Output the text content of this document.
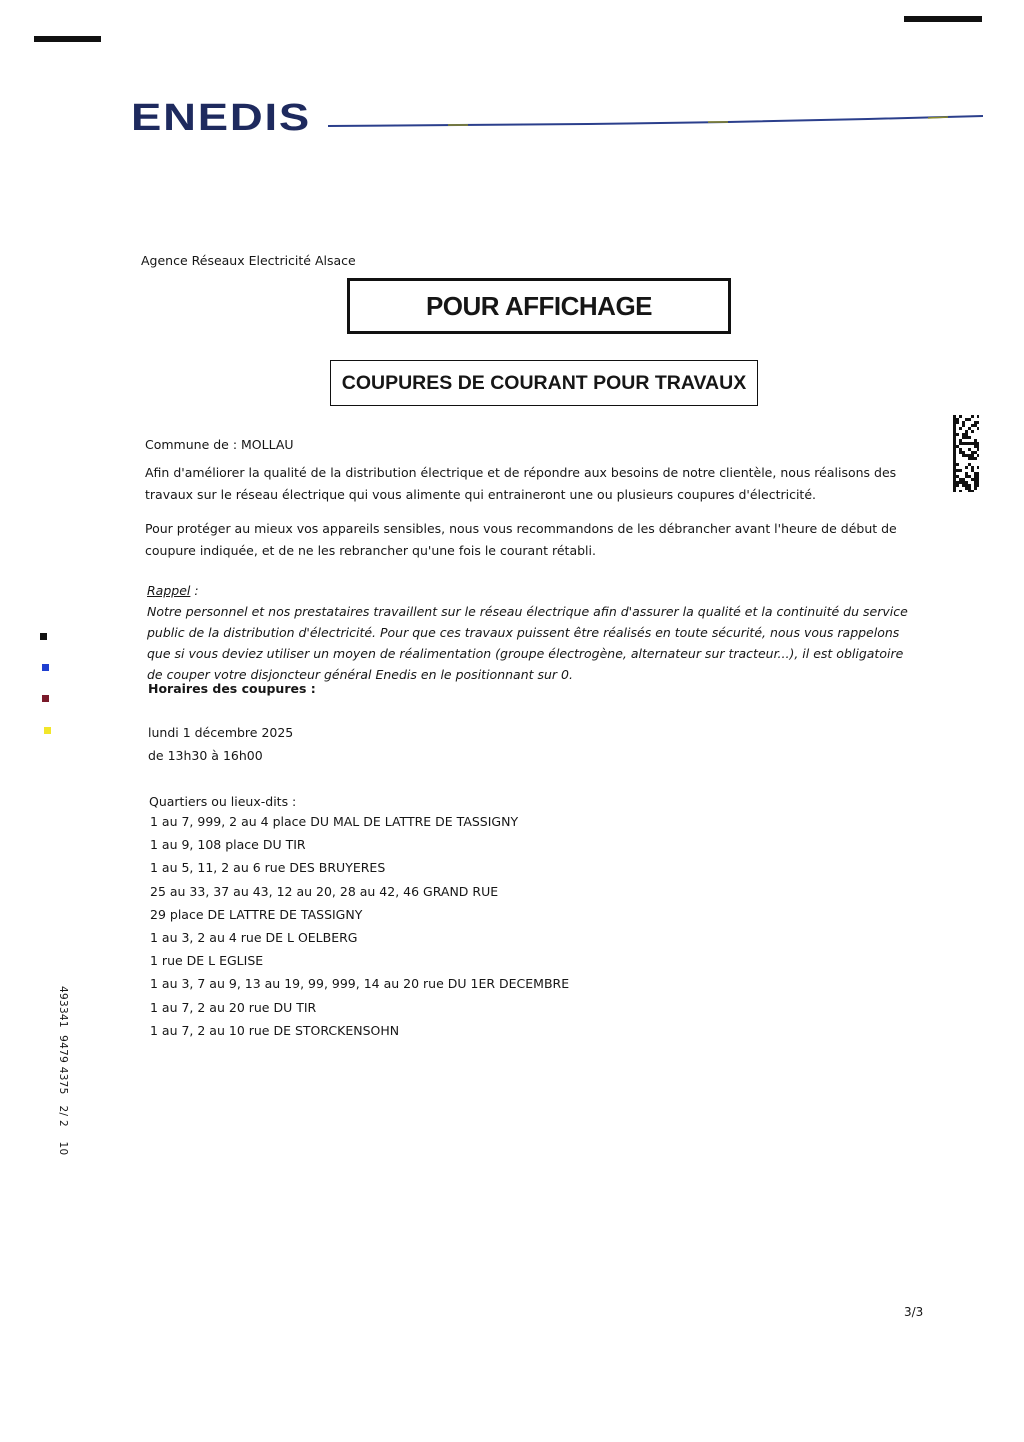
ENEDIS
Agence Réseaux Electricité Alsace
POUR AFFICHAGE
COUPURES DE COURANT POUR TRAVAUX
Commune de : MOLLAU
Afin d'améliorer la qualité de la distribution électrique et de répondre aux besoins de notre clientèle, nous réalisons des travaux sur le réseau électrique qui vous alimente qui entraineront une ou plusieurs coupures d'électricité.
Pour protéger au mieux vos appareils sensibles, nous vous recommandons de les débrancher avant l'heure de début de coupure indiquée, et de ne les rebrancher qu'une fois le courant rétabli.
Rappel :
Notre personnel et nos prestataires travaillent sur le réseau électrique afin d'assurer la qualité et la continuité du service public de la distribution d'électricité. Pour que ces travaux puissent être réalisés en toute sécurité, nous vous rappelons que si vous deviez utiliser un moyen de réalimentation (groupe électrogène, alternateur sur tracteur...), il est obligatoire de couper votre disjoncteur général Enedis en le positionnant sur 0.
Horaires des coupures :
lundi 1 décembre 2025
de 13h30 à 16h00
Quartiers ou lieux-dits :
1 au 7, 999, 2 au 4 place DU MAL DE LATTRE DE TASSIGNY
1 au 9, 108 place DU TIR
1 au 5, 11, 2 au 6 rue DES BRUYERES
25 au 33, 37 au 43, 12 au 20, 28 au 42, 46 GRAND RUE
29 place DE LATTRE DE TASSIGNY
1 au 3, 2 au 4 rue DE L OELBERG
1 rue DE L EGLISE
1 au 3, 7 au 9, 13 au 19, 99, 999, 14 au 20 rue DU 1ER DECEMBRE
1 au 7, 2 au 20 rue DU TIR
1 au 7, 2 au 10 rue DE STORCKENSOHN
493341  9479 4375   2/ 2    10
3/3
